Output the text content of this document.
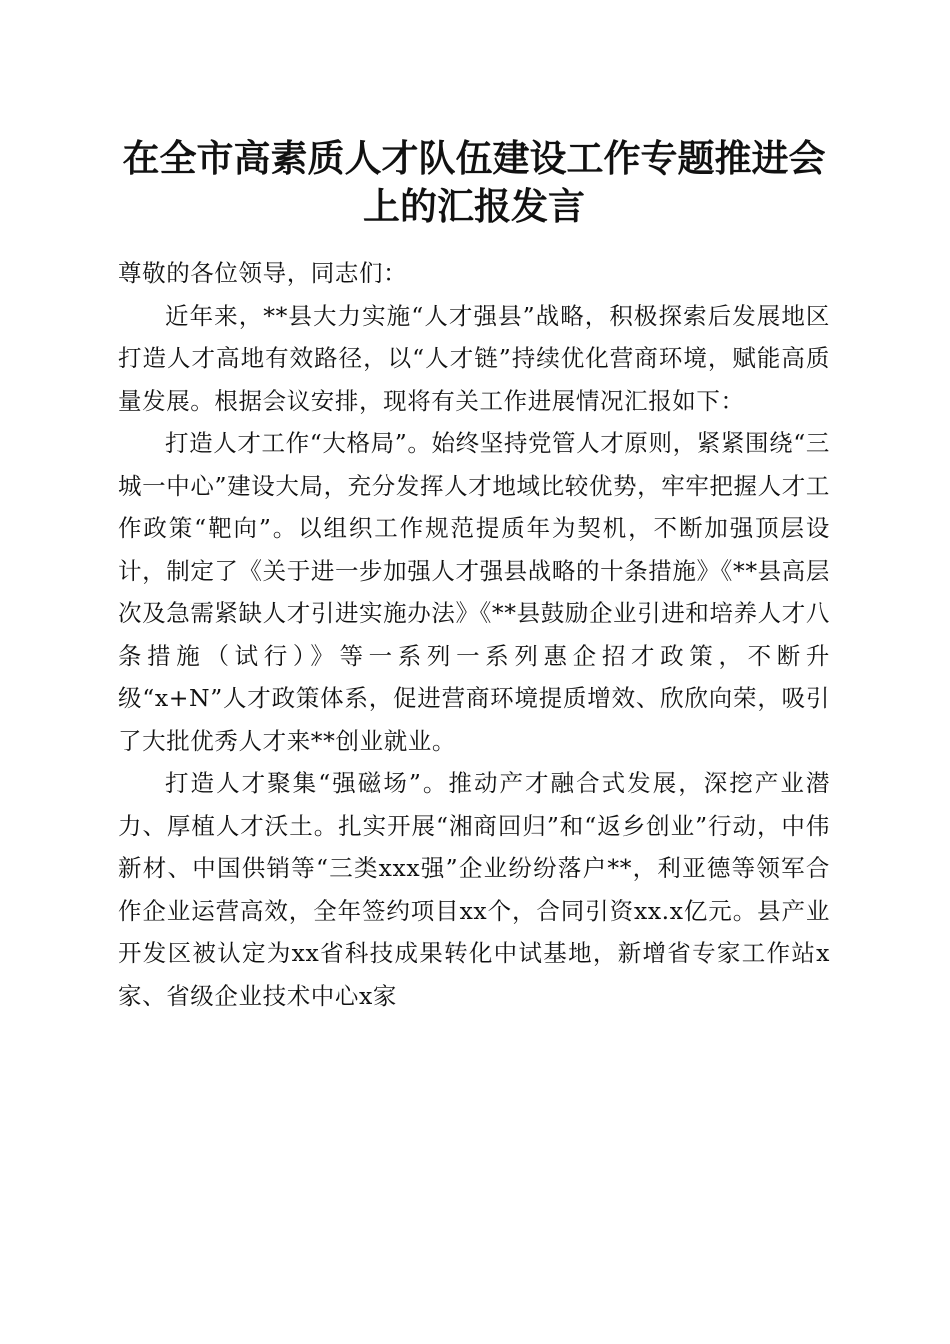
在全市高素质人才队伍建设工作专题推进会上的汇报发言

尊敬的各位领导，同志们：

近年来，**县大力实施“人才强县”战略，积极探索后发展地区打造人才高地有效路径，以“人才链”持续优化营商环境，赋能高质量发展。根据会议安排，现将有关工作进展情况汇报如下：

打造人才工作“大格局”。始终坚持党管人才原则，紧紧围绕“三城一中心”建设大局，充分发挥人才地域比较优势，牢牢把握人才工作政策“靶向”。以组织工作规范提质年为契机，不断加强顶层设计，制定了《关于进一步加强人才强县战略的十条措施》《**县高层次及急需紧缺人才引进实施办法》《**县鼓励企业引进和培养人才八条措施（试行）》等一系列一系列惠企招才政策，不断升级“x+N”人才政策体系，促进营商环境提质增效、欣欣向荣，吸引了大批优秀人才来**创业就业。

打造人才聚集“强磁场”。推动产才融合式发展，深挖产业潜力、厚植人才沃土。扎实开展“湘商回归”和“返乡创业”行动，中伟新材、中国供销等“三类xxx强”企业纷纷落户**，利亚德等领军合作企业运营高效，全年签约项目xx个，合同引资xx.x亿元。县产业开发区被认定为xx省科技成果转化中试基地，新增省专家工作站x家、省级企业技术中心x家
